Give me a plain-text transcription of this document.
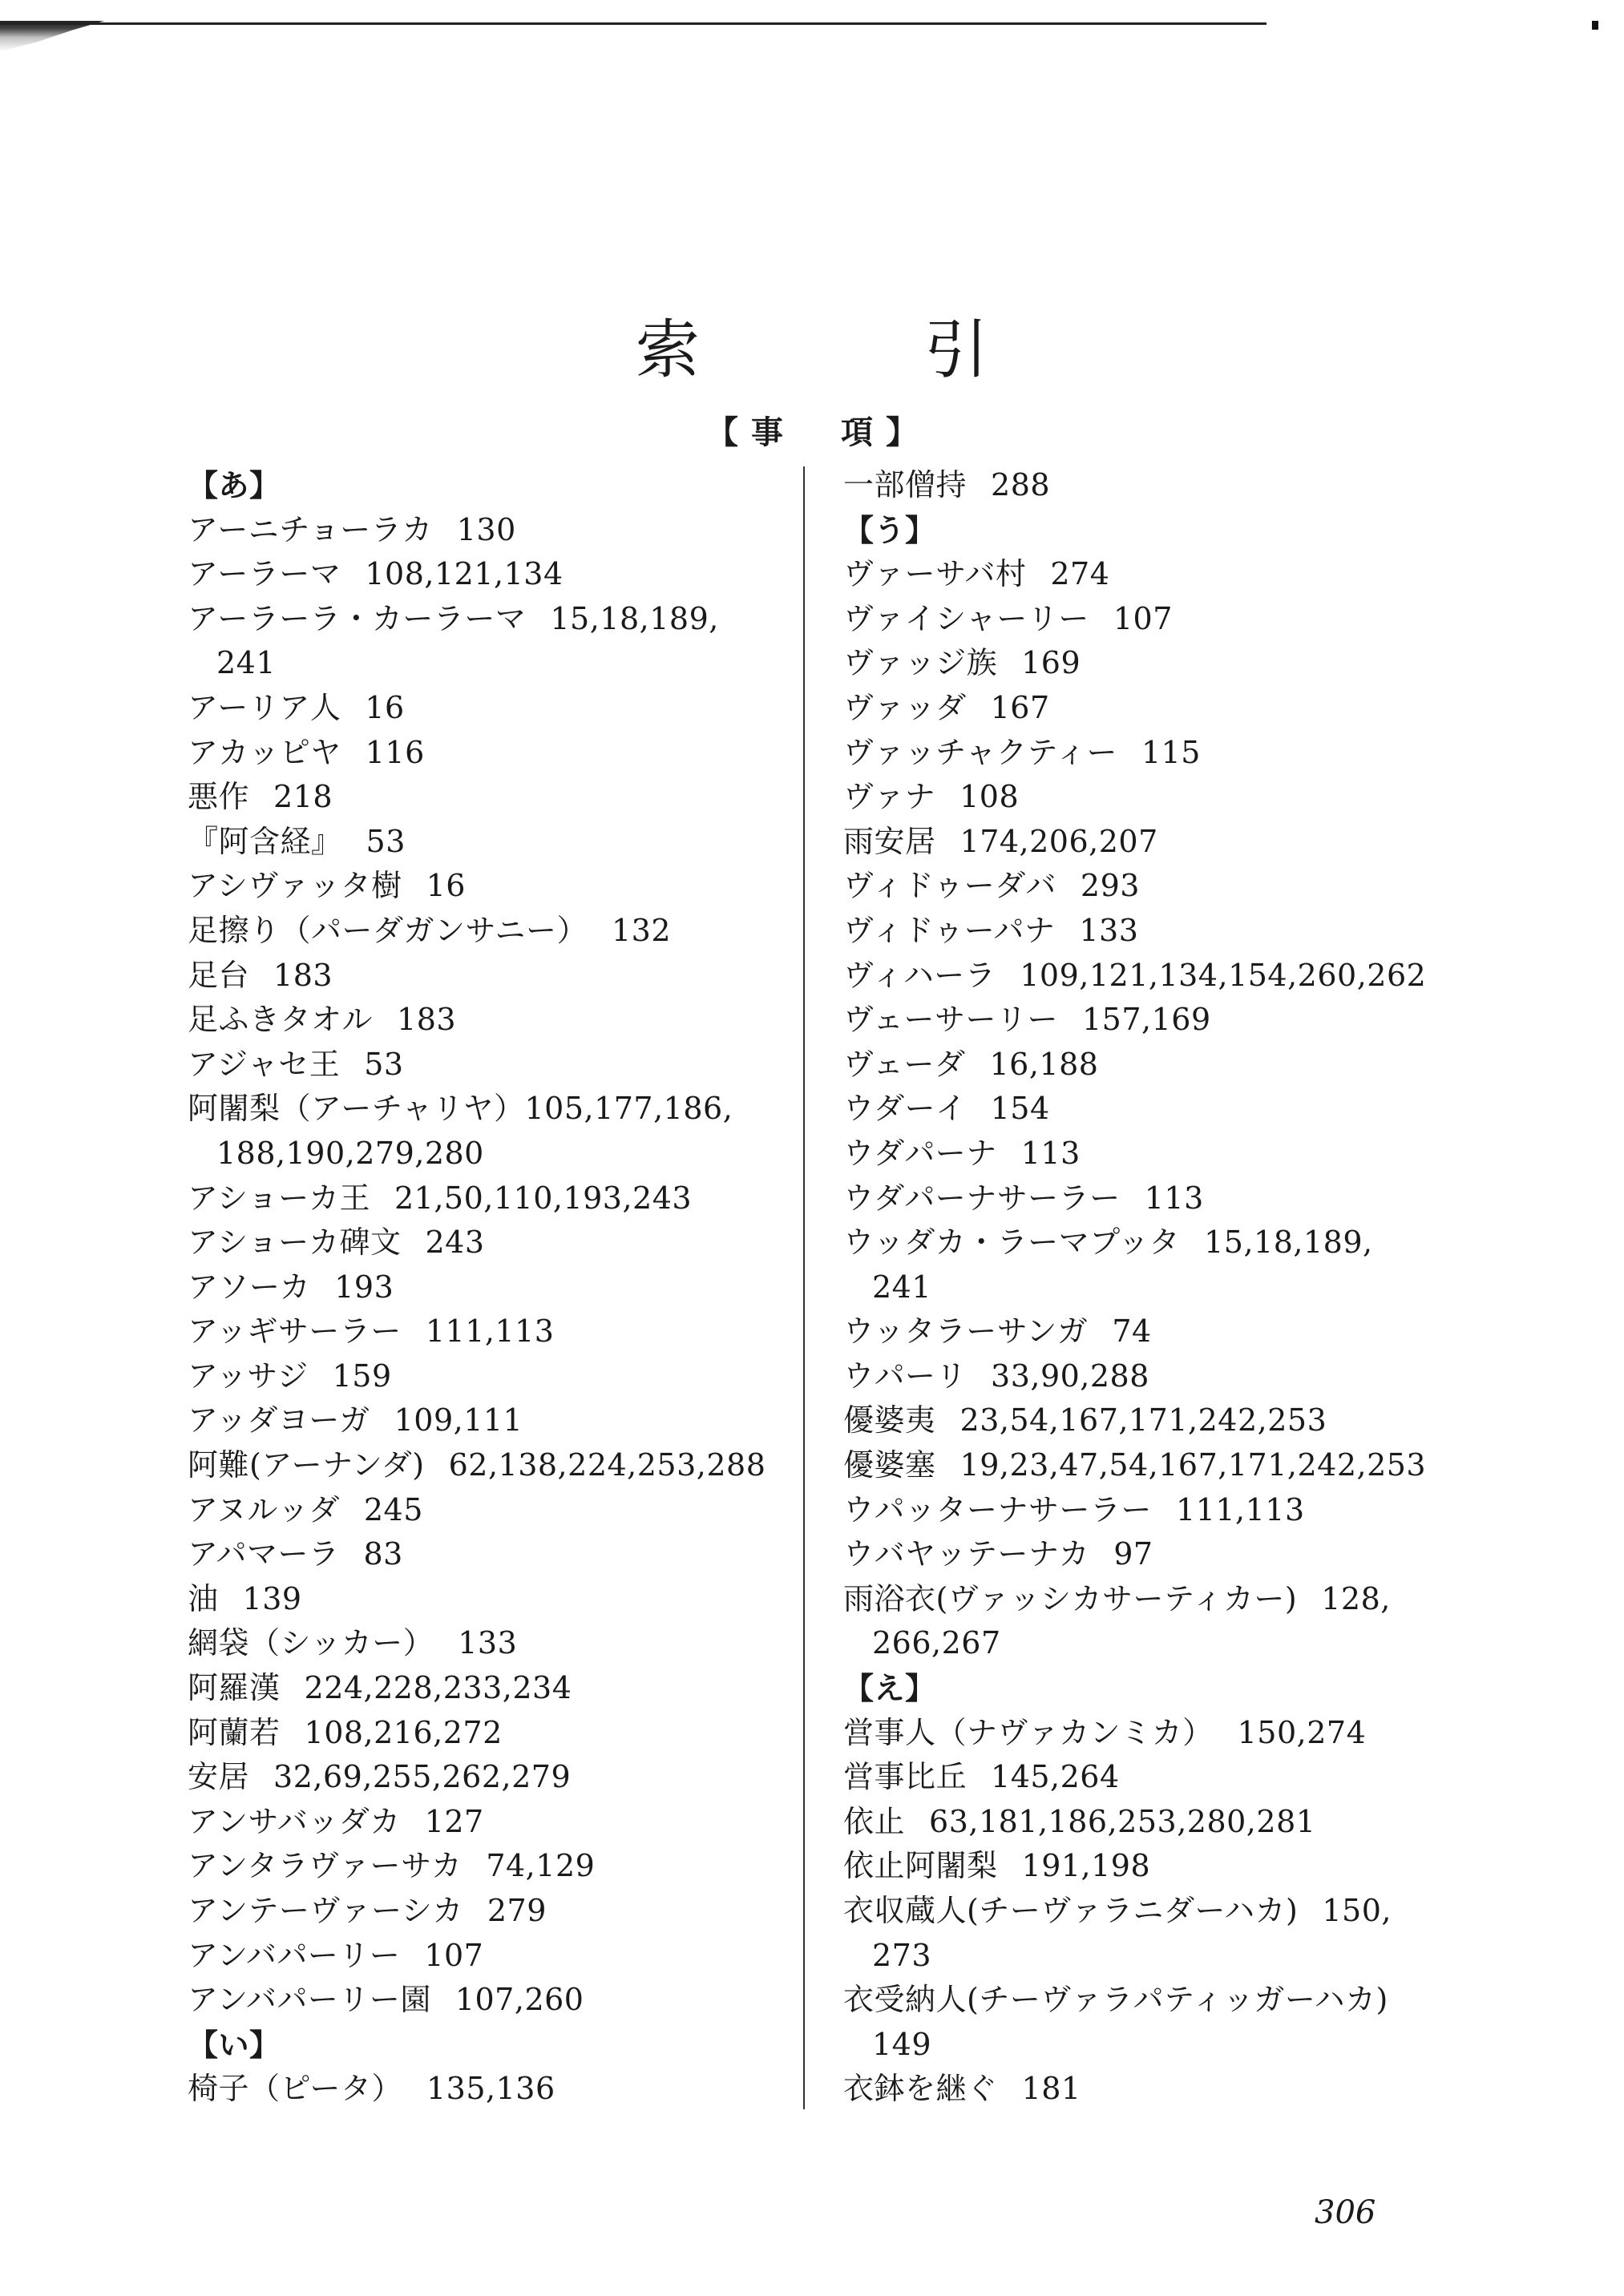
索　引
【事　項】
【あ】
アーニチョーラカ 130
アーラーマ 108,121,134
アーラーラ・カーラーマ 15,18,189,
241
アーリア人 16
アカッピヤ 116
悪作 218
『阿含経』 53
アシヴァッタ樹 16
足擦り（パーダガンサニー） 132
足台 183
足ふきタオル 183
アジャセ王 53
阿闍梨（アーチャリヤ）105,177,186,
188,190,279,280
アショーカ王 21,50,110,193,243
アショーカ碑文 243
アソーカ 193
アッギサーラー 111,113
アッサジ 159
アッダヨーガ 109,111
阿難(アーナンダ) 62,138,224,253,288
アヌルッダ 245
アパマーラ 83
油 139
網袋（シッカー） 133
阿羅漢 224,228,233,234
阿蘭若 108,216,272
安居 32,69,255,262,279
アンサバッダカ 127
アンタラヴァーサカ 74,129
アンテーヴァーシカ 279
アンバパーリー 107
アンバパーリー園 107,260
【い】
椅子（ピータ） 135,136
一部僧持 288
【う】
ヴァーサバ村 274
ヴァイシャーリー 107
ヴァッジ族 169
ヴァッダ 167
ヴァッチャクティー 115
ヴァナ 108
雨安居 174,206,207
ヴィドゥーダバ 293
ヴィドゥーパナ 133
ヴィハーラ 109,121,134,154,260,262
ヴェーサーリー 157,169
ヴェーダ 16,188
ウダーイ 154
ウダパーナ 113
ウダパーナサーラー 113
ウッダカ・ラーマプッタ 15,18,189,
241
ウッタラーサンガ 74
ウパーリ 33,90,288
優婆夷 23,54,167,171,242,253
優婆塞 19,23,47,54,167,171,242,253
ウパッターナサーラー 111,113
ウバヤッテーナカ 97
雨浴衣(ヴァッシカサーティカー) 128,
266,267
【え】
営事人（ナヴァカンミカ） 150,274
営事比丘 145,264
依止 63,181,186,253,280,281
依止阿闍梨 191,198
衣収蔵人(チーヴァラニダーハカ) 150,
273
衣受納人(チーヴァラパティッガーハカ)
149
衣鉢を継ぐ 181
306
